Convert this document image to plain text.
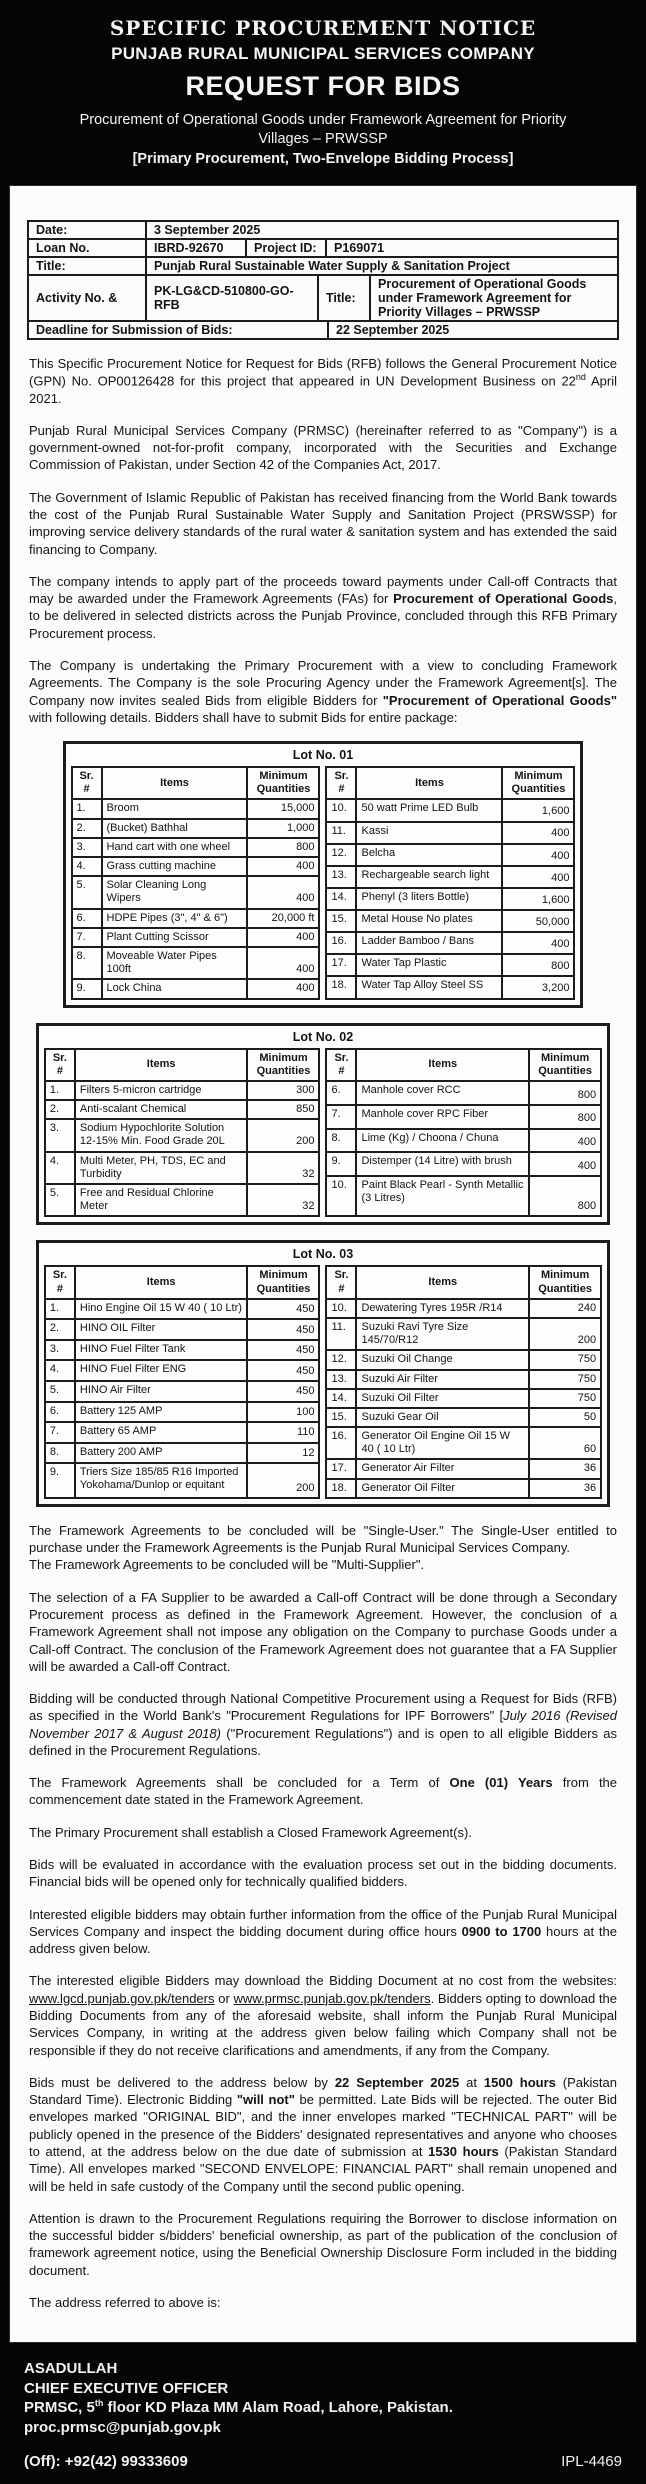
SPECIFIC PROCUREMENT NOTICE
PUNJAB RURAL MUNICIPAL SERVICES COMPANY
REQUEST FOR BIDS
Procurement of Operational Goods under Framework Agreement for Priority Villages – PRWSSP
[Primary Procurement, Two-Envelope Bidding Process]
Date:	3 September 2025
Loan No.	IBRD-92670	Project ID:	P169071
Title:	Punjab Rural Sustainable Water Supply & Sanitation Project
Activity No. &	PK-LG&CD-510800-GO-RFB	Title:
Procurement of Operational Goods under Framework Agreement for Priority Villages – PRWSSP
Deadline for Submission of Bids:	22 September 2025

This Specific Procurement Notice for Request for Bids (RFB) follows the General Procurement Notice (GPN) No. OP00126428 for this project that appeared in UN Development Business on 22nd April 2021.

Punjab Rural Municipal Services Company (PRMSC) (hereinafter referred to as "Company") is a government-owned not-for-profit company, incorporated with the Securities and Exchange Commission of Pakistan, under Section 42 of the Companies Act, 2017.

The Government of Islamic Republic of Pakistan has received financing from the World Bank towards the cost of the Punjab Rural Sustainable Water Supply and Sanitation Project (PRSWSSP) for improving service delivery standards of the rural water & sanitation system and has extended the said financing to Company.

The company intends to apply part of the proceeds toward payments under Call-off Contracts that may be awarded under the Framework Agreements (FAs) for Procurement of Operational Goods, to be delivered in selected districts across the Punjab Province, concluded through this RFB Primary Procurement process.

The Company is undertaking the Primary Procurement with a view to concluding Framework Agreements. The Company is the sole Procuring Agency under the Framework Agreement[s]. The Company now invites sealed Bids from eligible Bidders for "Procurement of Operational Goods" with following details. Bidders shall have to submit Bids for entire package:

Lot No. 01
Sr. #	Items	Minimum Quantities
1.	Broom	15,000
2.	(Bucket) Bathhal	1,000
3.	Hand cart with one wheel	800
4.	Grass cutting machine	400
5.	Solar Cleaning Long Wipers	400
6.	HDPE Pipes (3", 4" & 6")	20,000 ft
7.	Plant Cutting Scissor	400
8.	Moveable Water Pipes 100ft	400
9.	Lock China	400
Sr. #	Items	Minimum Quantities
10.	50 watt Prime LED Bulb	1,600
11.	Kassi	400
12.	Belcha	400
13.	Rechargeable search light	400
14.	Phenyl (3 liters Bottle)	1,600
15.	Metal House No plates	50,000
16.	Ladder Bamboo / Bans	400
17.	Water Tap Plastic	800
18.	Water Tap Alloy Steel SS	3,200
Lot No. 02
Sr. #	Items	Minimum Quantities
1.	Filters 5-micron cartridge	300
2.	Anti-scalant Chemical	850
3.	Sodium Hypochlorite Solution 12-15% Min. Food Grade 20L	200
4.	Multi Meter, PH, TDS, EC and Turbidity	32
5.	Free and Residual Chlorine Meter	32
Sr. #	Items	Minimum Quantities
6.	Manhole cover RCC	800
7.	Manhole cover RPC Fiber	800
8.	Lime (Kg) / Choona / Chuna	400
9.	Distemper (14 Litre) with brush	400
10.	Paint Black Pearl - Synth Metallic (3 Litres)	800
Lot No. 03
Sr. #	Items	Minimum Quantities
1.	Hino Engine Oil 15 W 40 ( 10 Ltr)	450
2.	HINO OIL Filter	450
3.	HINO Fuel Filter Tank	450
4.	HINO Fuel Filter ENG	450
5.	HINO Air Filter	450
6.	Battery 125 AMP	100
7.	Battery 65 AMP	110
8.	Battery 200 AMP	12
9.	Triers Size 185/85 R16 Imported Yokohama/Dunlop or equitant	200
Sr. #	Items	Minimum Quantities
10.	Dewatering Tyres 195R /R14	240
11.	Suzuki Ravi Tyre Size 145/70/R12	200
12.	Suzuki Oil Change	750
13.	Suzuki Air Filter	750
14.	Suzuki Oil Filter	750
15.	Suzuki Gear Oil	50
16.	Generator Oil Engine Oil 15 W 40 ( 10 Ltr)	60
17.	Generator Air Filter	36
18.	Generator Oil Filter	36
The Framework Agreements to be concluded will be "Single-User." The Single-User entitled to purchase under the Framework Agreements is the Punjab Rural Municipal Services Company.
The Framework Agreements to be concluded will be "Multi-Supplier".

The selection of a FA Supplier to be awarded a Call-off Contract will be done through a Secondary Procurement process as defined in the Framework Agreement. However, the conclusion of a Framework Agreement shall not impose any obligation on the Company to purchase Goods under a Call-off Contract. The conclusion of the Framework Agreement does not guarantee that a FA Supplier will be awarded a Call-off Contract.

Bidding will be conducted through National Competitive Procurement using a Request for Bids (RFB) as specified in the World Bank's "Procurement Regulations for IPF Borrowers" [July 2016 (Revised November 2017 & August 2018) ("Procurement Regulations") and is open to all eligible Bidders as defined in the Procurement Regulations.

The Framework Agreements shall be concluded for a Term of One (01) Years from the commencement date stated in the Framework Agreement.

The Primary Procurement shall establish a Closed Framework Agreement(s).

Bids will be evaluated in accordance with the evaluation process set out in the bidding documents. Financial bids will be opened only for technically qualified bidders.

Interested eligible bidders may obtain further information from the office of the Punjab Rural Municipal Services Company and inspect the bidding document during office hours 0900 to 1700 hours at the address given below.

The interested eligible Bidders may download the Bidding Document at no cost from the websites: www.lgcd.punjab.gov.pk/tenders or www.prmsc.punjab.gov.pk/tenders. Bidders opting to download the Bidding Documents from any of the aforesaid website, shall inform the Punjab Rural Municipal Services Company, in writing at the address given below failing which Company shall not be responsible if they do not receive clarifications and amendments, if any from the Company.

Bids must be delivered to the address below by 22 September 2025 at 1500 hours (Pakistan Standard Time). Electronic Bidding "will not" be permitted. Late Bids will be rejected. The outer Bid envelopes marked "ORIGINAL BID", and the inner envelopes marked "TECHNICAL PART" will be publicly opened in the presence of the Bidders' designated representatives and anyone who chooses to attend, at the address below on the due date of submission at 1530 hours (Pakistan Standard Time). All envelopes marked "SECOND ENVELOPE: FINANCIAL PART" shall remain unopened and will be held in safe custody of the Company until the second public opening.

Attention is drawn to the Procurement Regulations requiring the Borrower to disclose information on the successful bidder s/bidders' beneficial ownership, as part of the publication of the conclusion of framework agreement notice, using the Beneficial Ownership Disclosure Form included in the bidding document.

The address referred to above is:

ASADULLAH
CHIEF EXECUTIVE OFFICER
PRMSC, 5th floor KD Plaza MM Alam Road, Lahore, Pakistan.
proc.prmsc@punjab.gov.pk
(Off): +92(42) 99333609	IPL-4469
